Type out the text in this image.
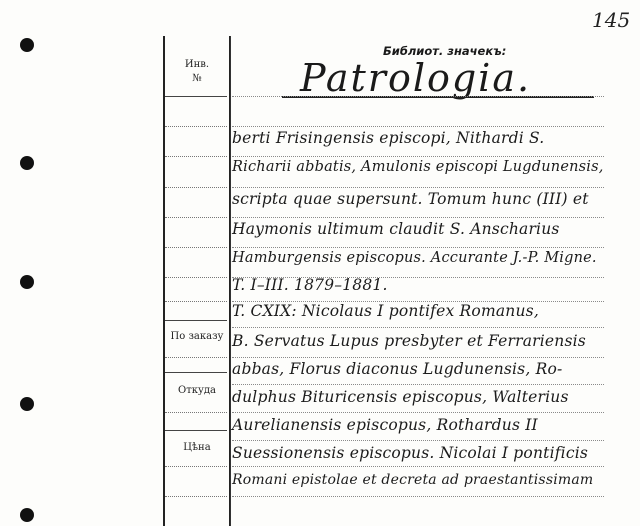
145
Инв.
№
По заказу
Откуда
Цѣна
Библиот. значекъ:
Patrologia.
berti Frisingensis episcopi, Nithardi S.
Richarii abbatis, Amulonis episcopi Lugdunensis,
scripta quae supersunt. Tomum hunc (III) et
Haymonis ultimum claudit S. Anscharius
Hamburgensis episcopus. Accurante J.-P. Migne.
T. I–III. 1879–1881.
T. CXIX: Nicolaus I pontifex Romanus,
B. Servatus Lupus presbyter et Ferrariensis
abbas, Florus diaconus Lugdunensis, Ro-
dulphus Bituricensis episcopus, Walterius
Aurelianensis episcopus, Rothardus II
Suessionensis episcopus. Nicolai I pontificis
Romani epistolae et decreta ad praestantissimam
